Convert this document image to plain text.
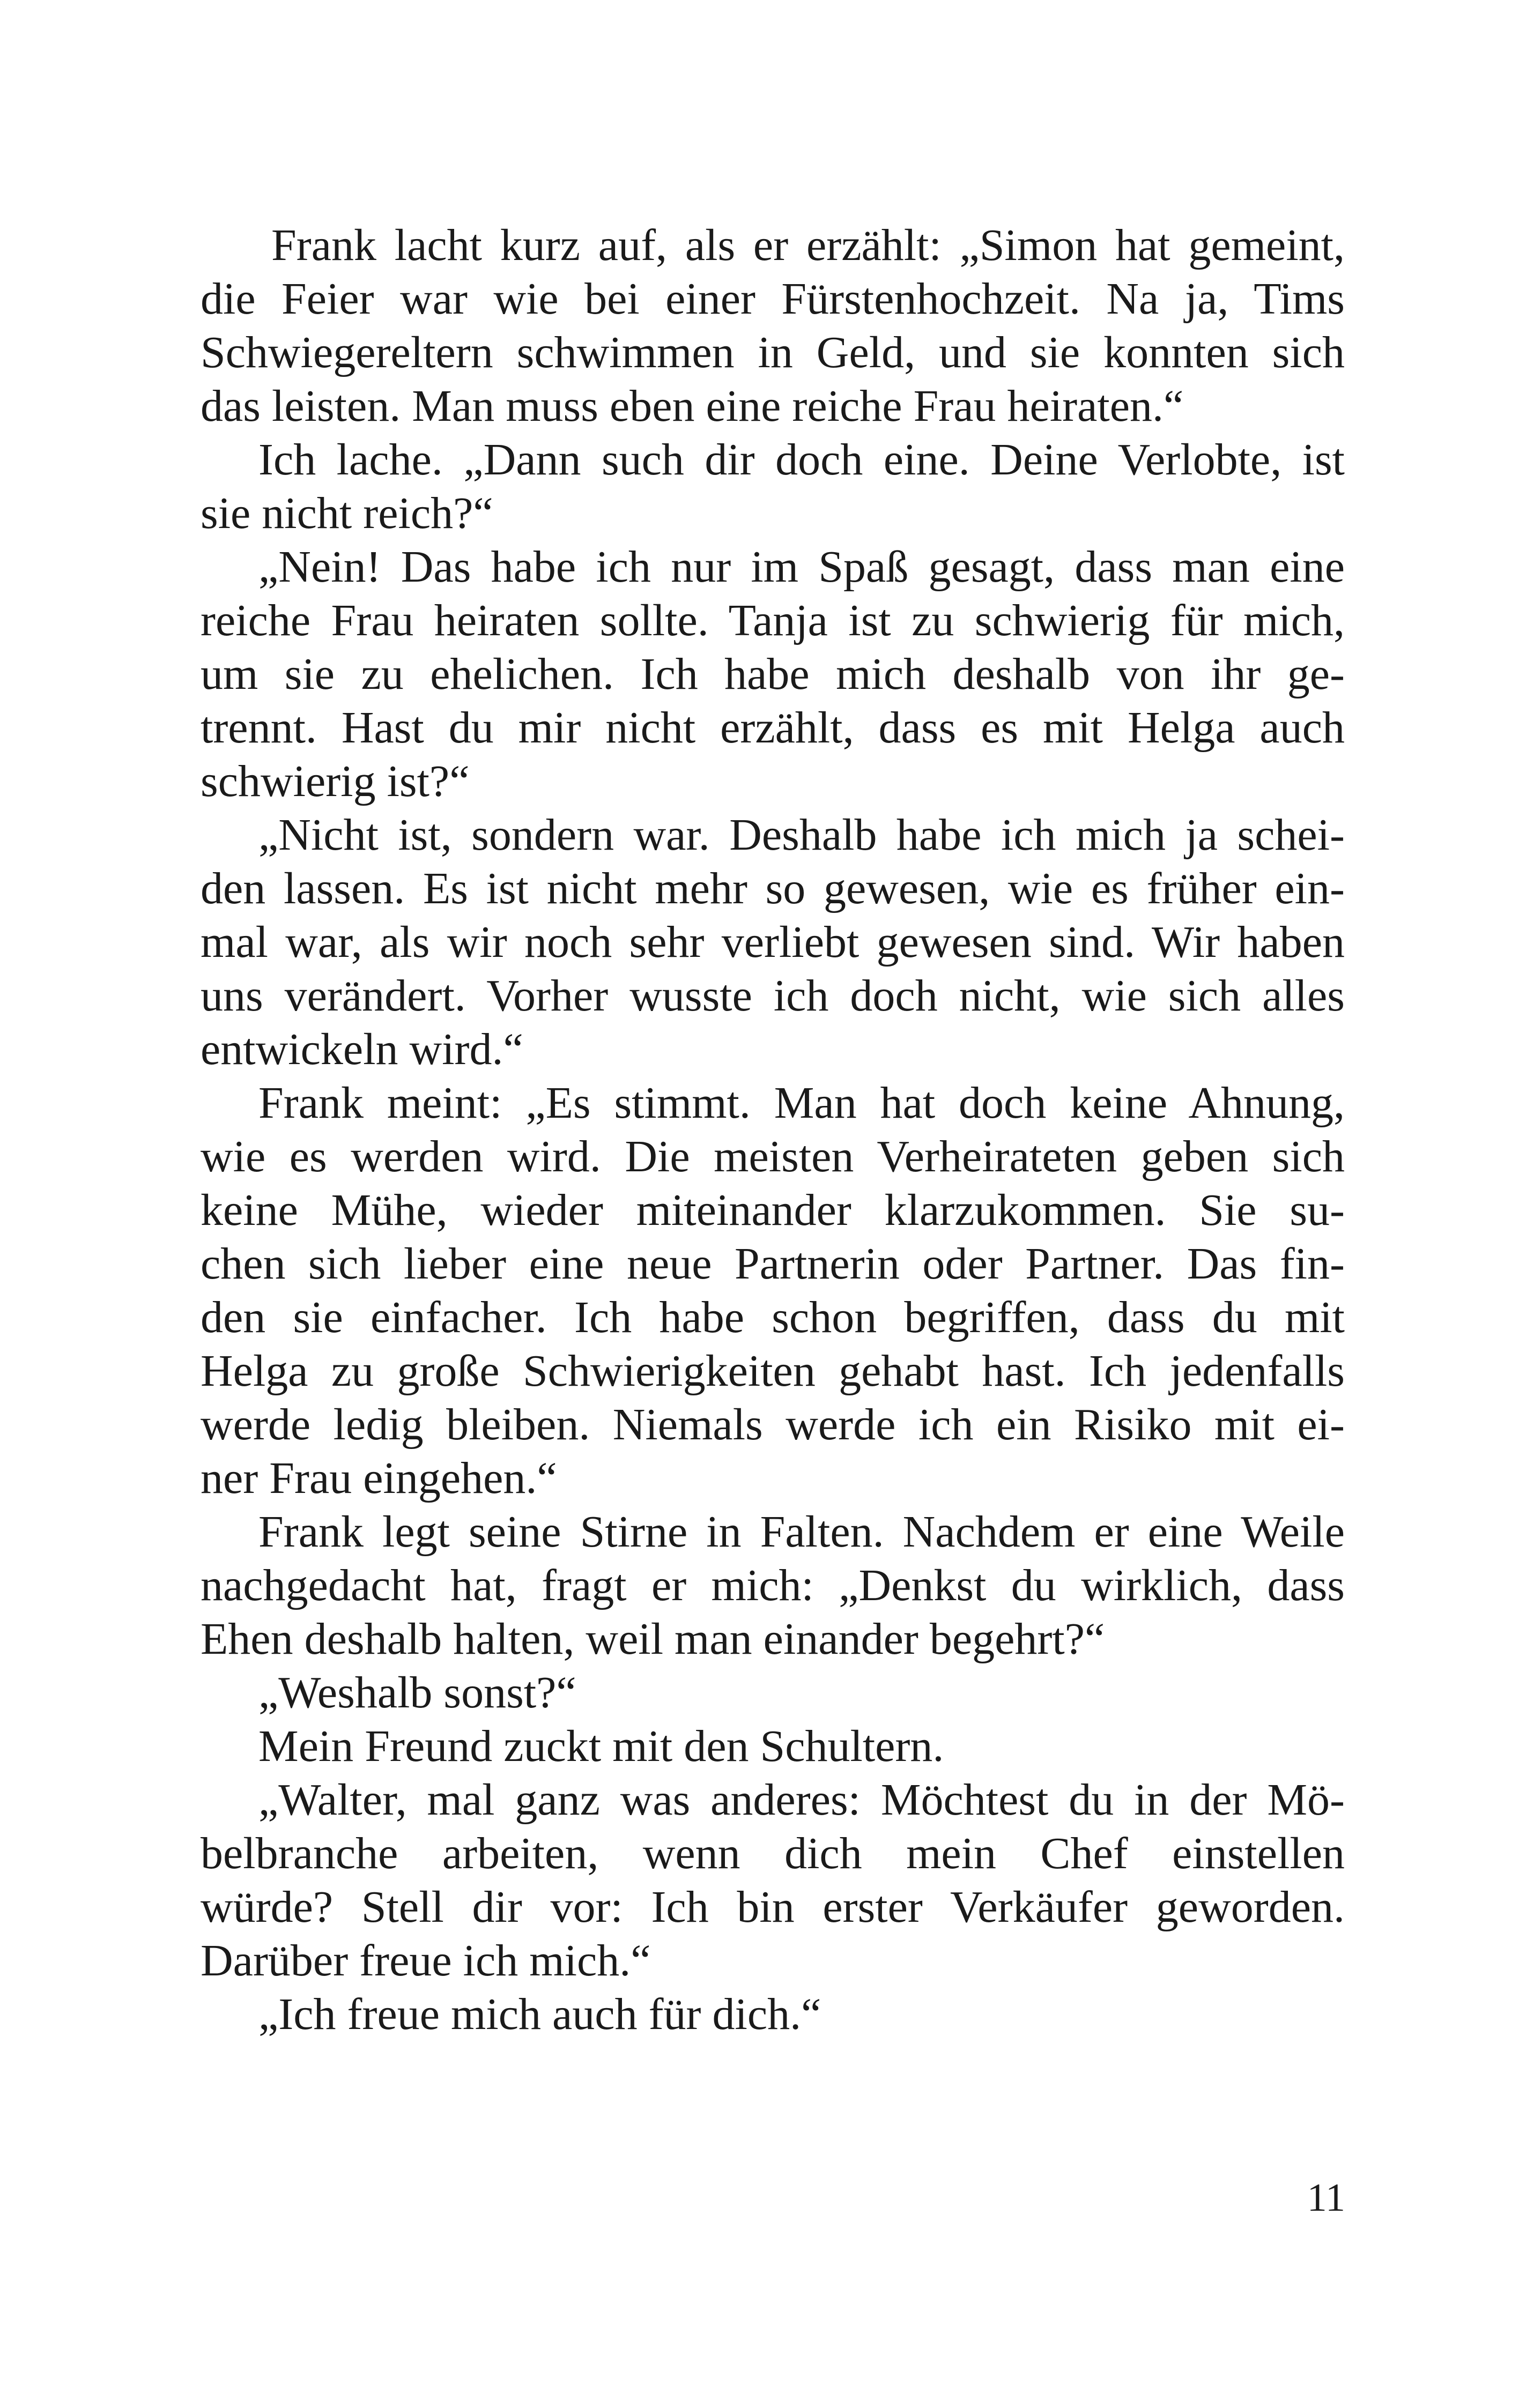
Frank lacht kurz auf, als er erzählt: „Simon hat gemeint,
die Feier war wie bei einer Fürstenhochzeit. Na ja, Tims
Schwiegereltern schwimmen in Geld, und sie konnten sich
das leisten. Man muss eben eine reiche Frau heiraten.“
Ich lache. „Dann such dir doch eine. Deine Verlobte, ist
sie nicht reich?“
„Nein! Das habe ich nur im Spaß gesagt, dass man eine
reiche Frau heiraten sollte. Tanja ist zu schwierig für mich,
um sie zu ehelichen. Ich habe mich deshalb von ihr ge-
trennt. Hast du mir nicht erzählt, dass es mit Helga auch
schwierig ist?“
„Nicht ist, sondern war. Deshalb habe ich mich ja schei-
den lassen. Es ist nicht mehr so gewesen, wie es früher ein-
mal war, als wir noch sehr verliebt gewesen sind. Wir haben
uns verändert. Vorher wusste ich doch nicht, wie sich alles
entwickeln wird.“
Frank meint: „Es stimmt. Man hat doch keine Ahnung,
wie es werden wird. Die meisten Verheirateten geben sich
keine Mühe, wieder miteinander klarzukommen. Sie su-
chen sich lieber eine neue Partnerin oder Partner. Das fin-
den sie einfacher. Ich habe schon begriffen, dass du mit
Helga zu große Schwierigkeiten gehabt hast. Ich jedenfalls
werde ledig bleiben. Niemals werde ich ein Risiko mit ei-
ner Frau eingehen.“
Frank legt seine Stirne in Falten. Nachdem er eine Weile
nachgedacht hat, fragt er mich: „Denkst du wirklich, dass
Ehen deshalb halten, weil man einander begehrt?“
„Weshalb sonst?“
Mein Freund zuckt mit den Schultern.
„Walter, mal ganz was anderes: Möchtest du in der Mö-
belbranche arbeiten, wenn dich mein Chef einstellen
würde? Stell dir vor: Ich bin erster Verkäufer geworden.
Darüber freue ich mich.“
„Ich freue mich auch für dich.“
11
